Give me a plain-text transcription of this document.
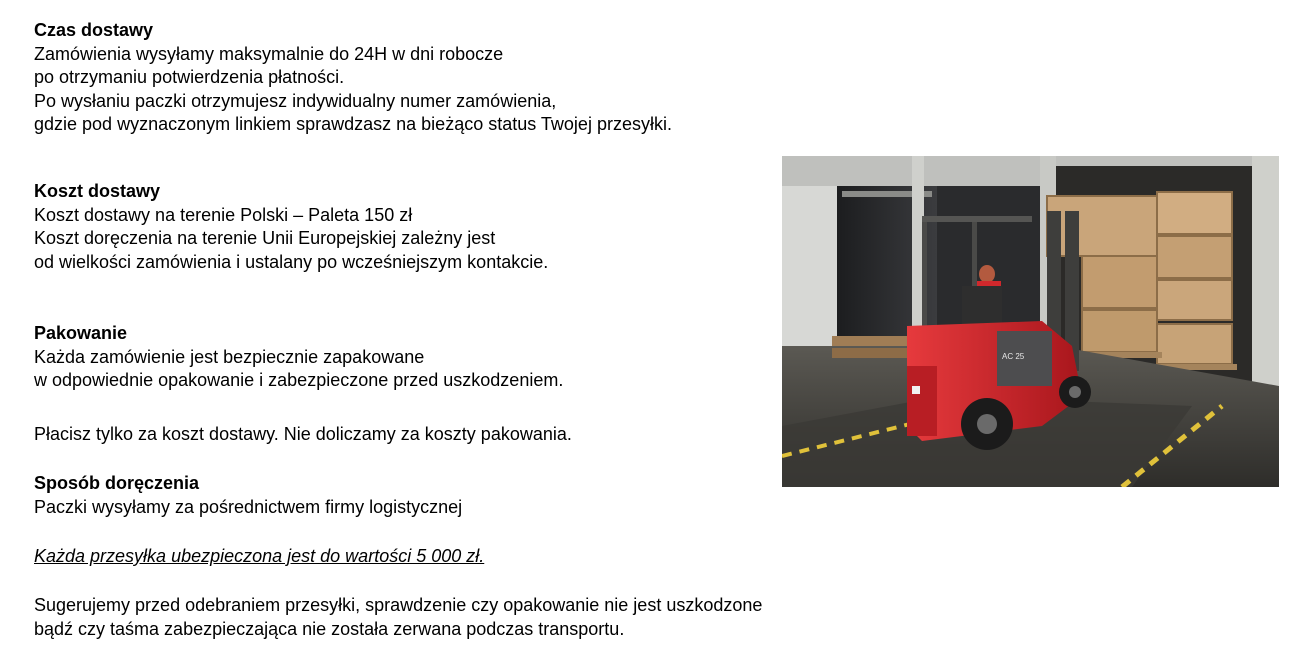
Czas dostawy
Zamówienia wysyłamy maksymalnie do 24H w dni robocze
po otrzymaniu potwierdzenia płatności.
Po wysłaniu paczki otrzymujesz indywidualny numer zamówienia,
gdzie pod wyznaczonym linkiem sprawdzasz na bieżąco status Twojej przesyłki.
Koszt dostawy
Koszt dostawy na terenie Polski – Paleta 150 zł
Koszt doręczenia na terenie Unii Europejskiej zależny jest
od wielkości zamówienia i ustalany po wcześniejszym kontakcie.
Pakowanie
Każda zamówienie jest bezpiecznie zapakowane
w odpowiednie opakowanie i zabezpieczone przed uszkodzeniem.
Płacisz tylko za koszt dostawy. Nie doliczamy za koszty pakowania.
Sposób doręczenia
Paczki wysyłamy za pośrednictwem firmy logistycznej
Każda przesyłka ubezpieczona jest do wartości 5 000 zł.
Sugerujemy przed odebraniem przesyłki, sprawdzenie czy opakowanie nie jest uszkodzone
bądź czy taśma zabezpieczająca nie została zerwana podczas transportu.
AC 25
